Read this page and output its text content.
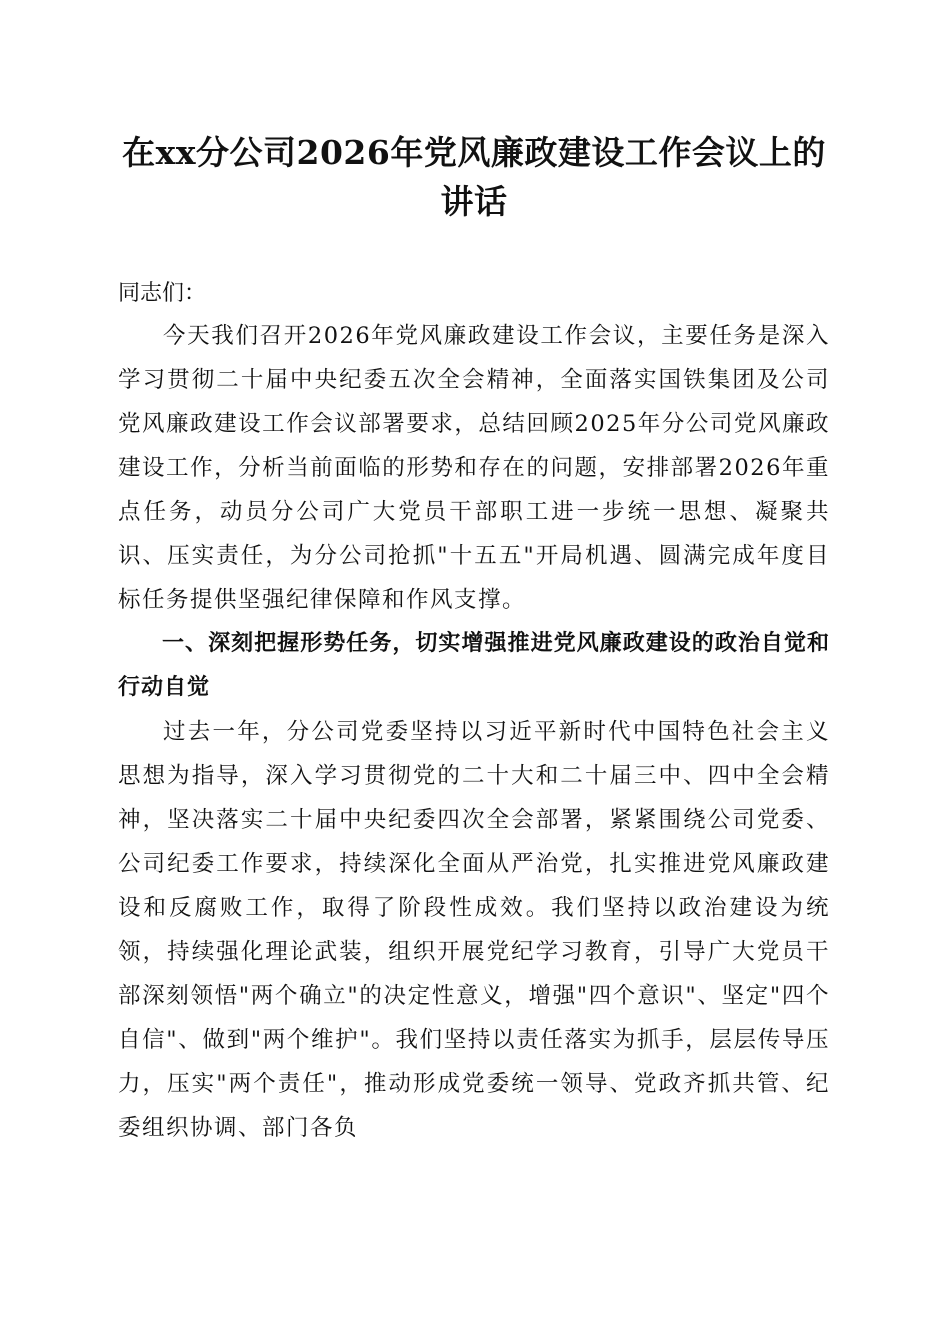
在xx分公司2026年党风廉政建设工作会议上的讲话

同志们：

今天我们召开2026年党风廉政建设工作会议，主要任务是深入学习贯彻二十届中央纪委五次全会精神，全面落实国铁集团及公司党风廉政建设工作会议部署要求，总结回顾2025年分公司党风廉政建设工作，分析当前面临的形势和存在的问题，安排部署2026年重点任务，动员分公司广大党员干部职工进一步统一思想、凝聚共识、压实责任，为分公司抢抓"十五五"开局机遇、圆满完成年度目标任务提供坚强纪律保障和作风支撑。

一、深刻把握形势任务，切实增强推进党风廉政建设的政治自觉和行动自觉

过去一年，分公司党委坚持以习近平新时代中国特色社会主义思想为指导，深入学习贯彻党的二十大和二十届三中、四中全会精神，坚决落实二十届中央纪委四次全会部署，紧紧围绕公司党委、公司纪委工作要求，持续深化全面从严治党，扎实推进党风廉政建设和反腐败工作，取得了阶段性成效。我们坚持以政治建设为统领，持续强化理论武装，组织开展党纪学习教育，引导广大党员干部深刻领悟"两个确立"的决定性意义，增强"四个意识"、坚定"四个自信"、做到"两个维护"。我们坚持以责任落实为抓手，层层传导压力，压实"两个责任"，推动形成党委统一领导、党政齐抓共管、纪委组织协调、部门各负
